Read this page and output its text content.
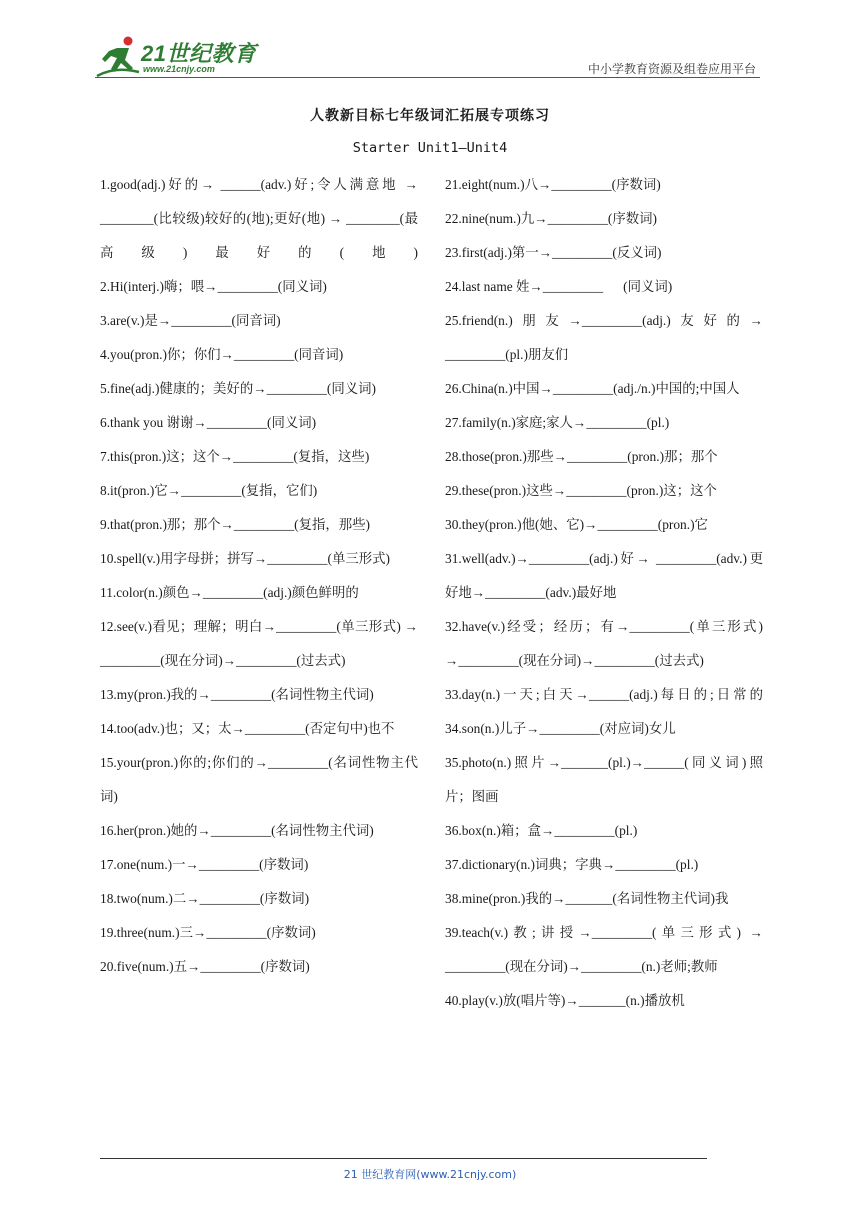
21世纪教育
www.21cnjy.com	中小学教育资源及组卷应用平台
人教新目标七年级词汇拓展专项练习
Starter Unit1—Unit4
1.good(adj.)好的→ ______(adv.)好;令人满意地 → ________(比较级)较好的(地);更好(地) → ________(最高级)最好的(地)
2.Hi(interj.)嗨；喂→_________(同义词)
3.are(v.)是→_________(同音词)
4.you(pron.)你；你们→_________(同音词)
5.fine(adj.)健康的；美好的→_________(同义词)
6.thank you 谢谢→_________(同义词)
7.this(pron.)这；这个→_________(复指，这些)
8.it(pron.)它→_________(复指，它们)
9.that(pron.)那；那个→_________(复指，那些)
10.spell(v.)用字母拼；拼写→_________(单三形式)
11.color(n.)颜色→_________(adj.)颜色鲜明的
12.see(v.)看见；理解；明白→_________(单三形式) → _________(现在分词)→_________(过去式)
13.my(pron.)我的→_________(名词性物主代词)
14.too(adv.)也；又；太→_________(否定句中)也不
15.your(pron.)你的;你们的→_________(名词性物主代词)
16.her(pron.)她的→_________(名词性物主代词)
17.one(num.)一→_________(序数词)
18.two(num.)二→_________(序数词)
19.three(num.)三→_________(序数词)
20.five(num.)五→_________(序数词)
21.eight(num.)八→_________(序数词)
22.nine(num.)九→_________(序数词)
23.first(adj.)第一→_________(反义词)
24.last name 姓→_________      (同义词)
25.friend(n.)朋友→_________(adj.)友好的→ _________(pl.)朋友们
26.China(n.)中国→_________(adj./n.)中国的;中国人
27.family(n.)家庭;家人→_________(pl.)
28.those(pron.)那些→_________(pron.)那；那个
29.these(pron.)这些→_________(pron.)这；这个
30.they(pron.)他(她、它)→_________(pron.)它
31.well(adv.)→_________(adj.)好→ _________(adv.)更好地→_________(adv.)最好地
32.have(v.)经受；经历；有→_________(单三形式) →_________(现在分词)→_________(过去式)
33.day(n.)一天;白天→______(adj.)每日的;日常的 34.son(n.)儿子→_________(对应词)女儿
35.photo(n.)照片→_______(pl.)→______(同义词)照片；图画
36.box(n.)箱；盒→_________(pl.)
37.dictionary(n.)词典；字典→_________(pl.)
38.mine(pron.)我的→_______(名词性物主代词)我
39.teach(v.)教;讲授→_________(单三形式) → _________(现在分词)→_________(n.)老师;教师
40.play(v.)放(唱片等)→_______(n.)播放机
21 世纪教育网(www.21cnjy.com)
